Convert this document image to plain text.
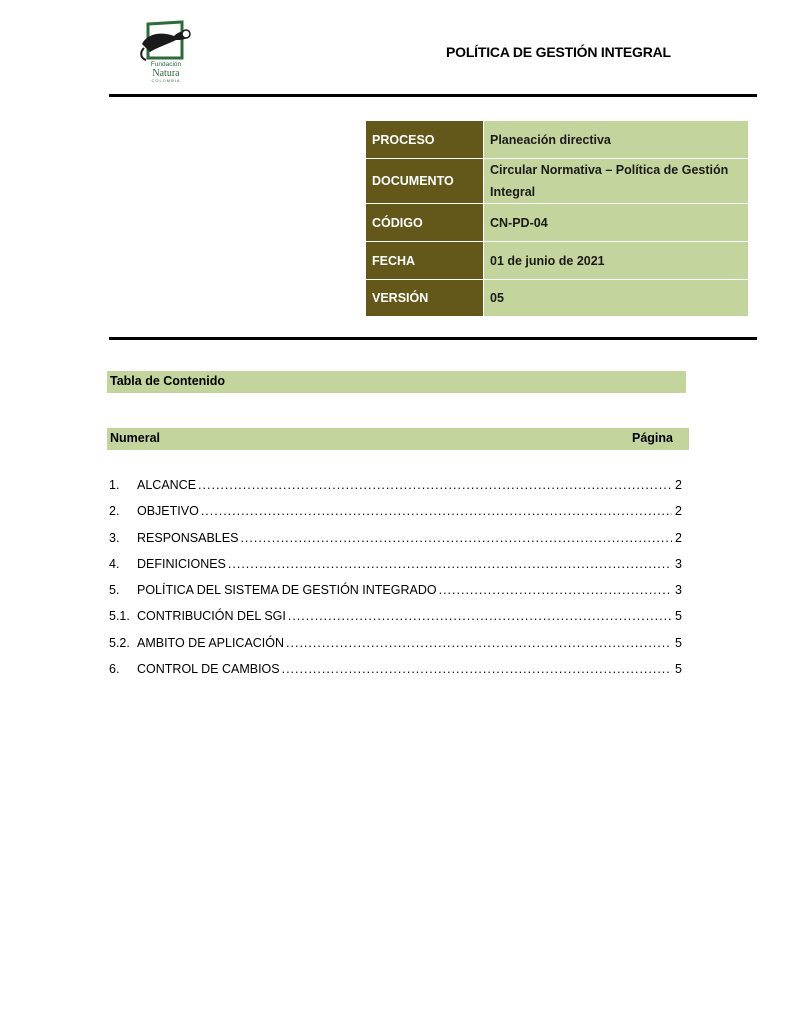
Fundación
Natura
COLOMBIA
POLÍTICA DE GESTIÓN INTEGRAL
PROCESO	Planeación directiva
DOCUMENTO	Circular Normativa – Política de Gestión Integral
CÓDIGO	CN-PD-04
FECHA	01 de junio de 2021
VERSIÓN	05
Tabla de Contenido
Numeral	Página
1.	ALCANCE .....	2
2.	OBJETIVO .....	2
3.	RESPONSABLES .....	2
4.	DEFINICIONES .....	3
5.	POLÍTICA DEL SISTEMA DE GESTIÓN INTEGRADO .....	3
5.1. CONTRIBUCIÓN DEL SGI .....	5
5.2. AMBITO DE APLICACIÓN .....	5
6.	CONTROL DE CAMBIOS .....	5
